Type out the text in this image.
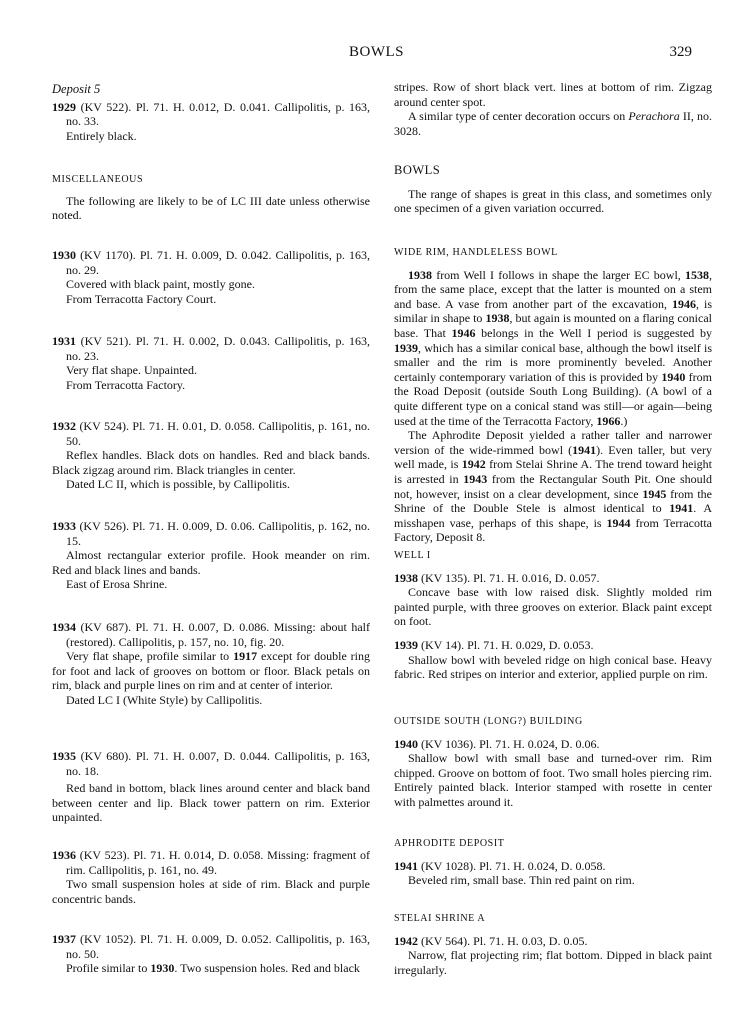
BOWLS	329

Deposit 5

1929 (KV 522). Pl. 71. H. 0.012, D. 0.041. Callipolitis, p. 163, no. 33.

Entirely black.

MISCELLANEOUS

The following are likely to be of LC III date unless otherwise noted.

1930 (KV 1170). Pl. 71. H. 0.009, D. 0.042. Callipolitis, p. 163, no. 29.

Covered with black paint, mostly gone.

From Terracotta Factory Court.

1931 (KV 521). Pl. 71. H. 0.002, D. 0.043. Callipolitis, p. 163, no. 23.

Very flat shape. Unpainted.

From Terracotta Factory.

1932 (KV 524). Pl. 71. H. 0.01, D. 0.058. Callipolitis, p. 161, no. 50.

Reflex handles. Black dots on handles. Red and black bands. Black zigzag around rim. Black triangles in center.

Dated LC II, which is possible, by Callipolitis.

1933 (KV 526). Pl. 71. H. 0.009, D. 0.06. Callipolitis, p. 162, no. 15.

Almost rectangular exterior profile. Hook meander on rim. Red and black lines and bands.

East of Erosa Shrine.

1934 (KV 687). Pl. 71. H. 0.007, D. 0.086. Missing: about half (restored). Callipolitis, p. 157, no. 10, fig. 20.

Very flat shape, profile similar to 1917 except for double ring for foot and lack of grooves on bottom or floor. Black petals on rim, black and purple lines on rim and at center of interior.

Dated LC I (White Style) by Callipolitis.

1935 (KV 680). Pl. 71. H. 0.007, D. 0.044. Callipolitis, p. 163, no. 18.

Red band in bottom, black lines around center and black band between center and lip. Black tower pattern on rim. Exterior unpainted.

1936 (KV 523). Pl. 71. H. 0.014, D. 0.058. Missing: fragment of rim. Callipolitis, p. 161, no. 49.

Two small suspension holes at side of rim. Black and purple concentric bands.

1937 (KV 1052). Pl. 71. H. 0.009, D. 0.052. Callipolitis, p. 163, no. 50.

Profile similar to 1930. Two suspension holes. Red and black

stripes. Row of short black vert. lines at bottom of rim. Zigzag around center spot.

A similar type of center decoration occurs on Perachora II, no. 3028.

BOWLS

The range of shapes is great in this class, and sometimes only one specimen of a given variation occurred.

WIDE RIM, HANDLELESS BOWL

1938 from Well I follows in shape the larger EC bowl, 1538, from the same place, except that the latter is mounted on a stem and base. A vase from another part of the excavation, 1946, is similar in shape to 1938, but again is mounted on a flaring conical base. That 1946 belongs in the Well I period is suggested by 1939, which has a similar conical base, although the bowl itself is smaller and the rim is more prominently beveled. Another certainly contemporary variation of this is provided by 1940 from the Road Deposit (outside South Long Building). (A bowl of a quite different type on a conical stand was still—or again—being used at the time of the Terracotta Factory, 1966.)

The Aphrodite Deposit yielded a rather taller and narrower version of the wide-rimmed bowl (1941). Even taller, but very well made, is 1942 from Stelai Shrine A. The trend toward height is arrested in 1943 from the Rectangular South Pit. One should not, however, insist on a clear development, since 1945 from the Shrine of the Double Stele is almost identical to 1941. A misshapen vase, perhaps of this shape, is 1944 from Terracotta Factory, Deposit 8.

WELL I

1938 (KV 135). Pl. 71. H. 0.016, D. 0.057.

Concave base with low raised disk. Slightly molded rim painted purple, with three grooves on exterior. Black paint except on foot.

1939 (KV 14). Pl. 71. H. 0.029, D. 0.053.

Shallow bowl with beveled ridge on high conical base. Heavy fabric. Red stripes on interior and exterior, applied purple on rim.

OUTSIDE SOUTH (LONG?) BUILDING

1940 (KV 1036). Pl. 71. H. 0.024, D. 0.06.

Shallow bowl with small base and turned-over rim. Rim chipped. Groove on bottom of foot. Two small holes piercing rim. Entirely painted black. Interior stamped with rosette in center with palmettes around it.

APHRODITE DEPOSIT

1941 (KV 1028). Pl. 71. H. 0.024, D. 0.058.

Beveled rim, small base. Thin red paint on rim.

STELAI SHRINE A

1942 (KV 564). Pl. 71. H. 0.03, D. 0.05.

Narrow, flat projecting rim; flat bottom. Dipped in black paint irregularly.
